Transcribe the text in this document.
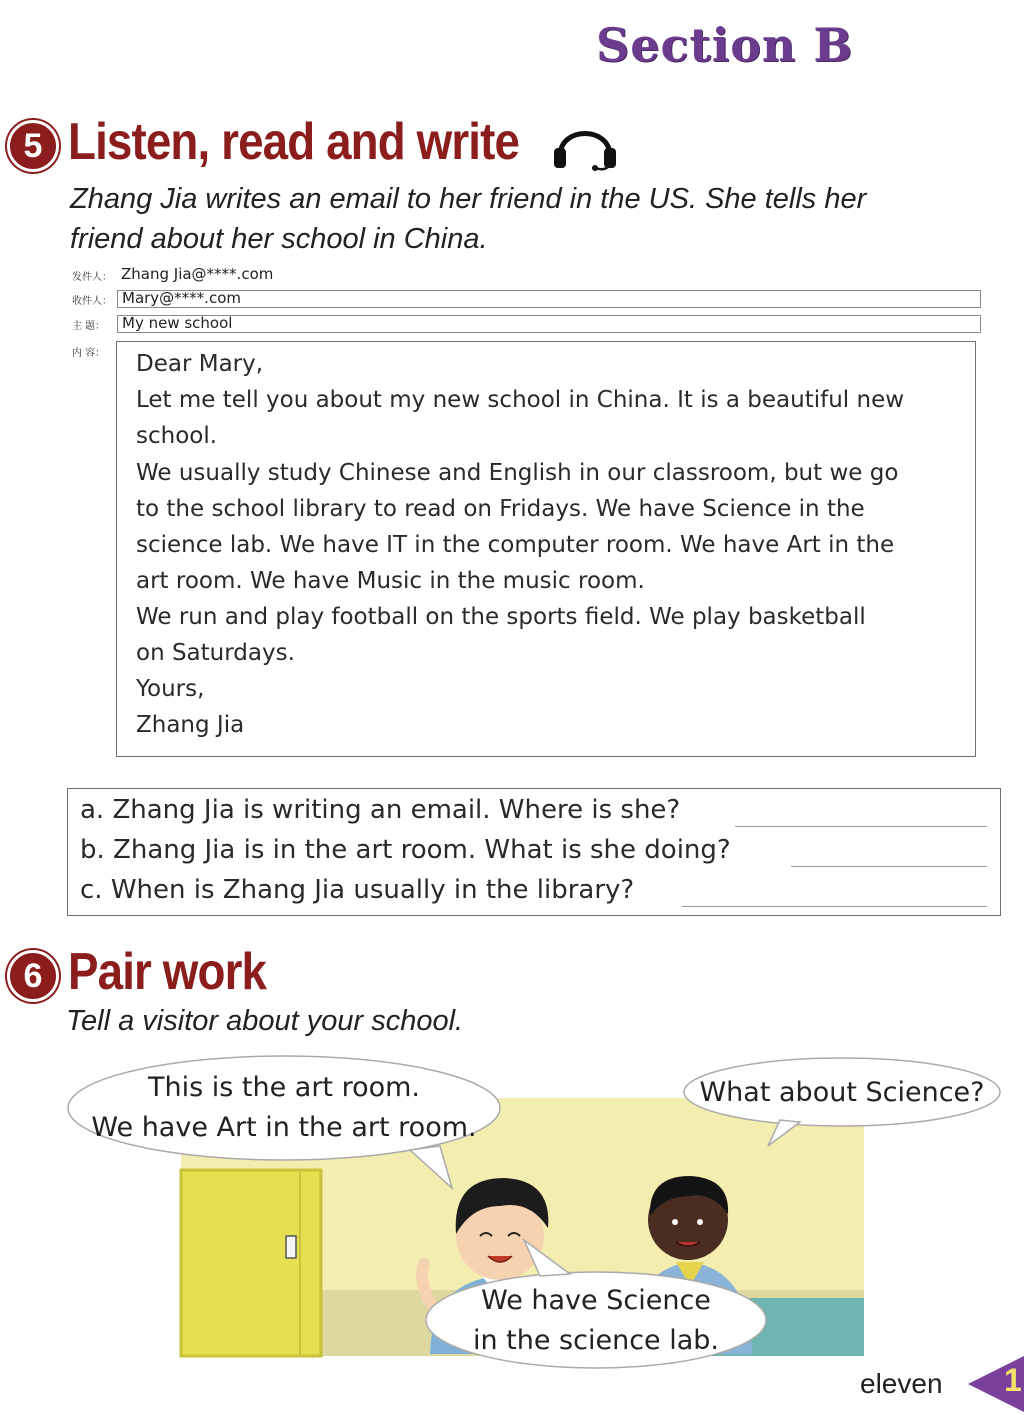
Section B
5 Listen, read and write
Zhang Jia writes an email to her friend in the US. She tells her
friend about her school in China.
发件人： Zhang Jia@****.com
收件人： Mary@****.com
主 题： My new school
内 容： Dear Mary,
Let me tell you about my new school in China. It is a beautiful new
school.
We usually study Chinese and English in our classroom, but we go
to the school library to read on Fridays. We have Science in the
science lab. We have IT in the computer room. We have Art in the
art room. We have Music in the music room.
We run and play football on the sports field. We play basketball
on Saturdays.
Yours,
Zhang Jia
a. Zhang Jia is writing an email. Where is she?
b. Zhang Jia is in the art room. What is she doing?
c. When is Zhang Jia usually in the library?
6 Pair work
Tell a visitor about your school.
This is the art room.
We have Art in the art room.
What about Science?
We have Science
in the science lab.
eleven 1
